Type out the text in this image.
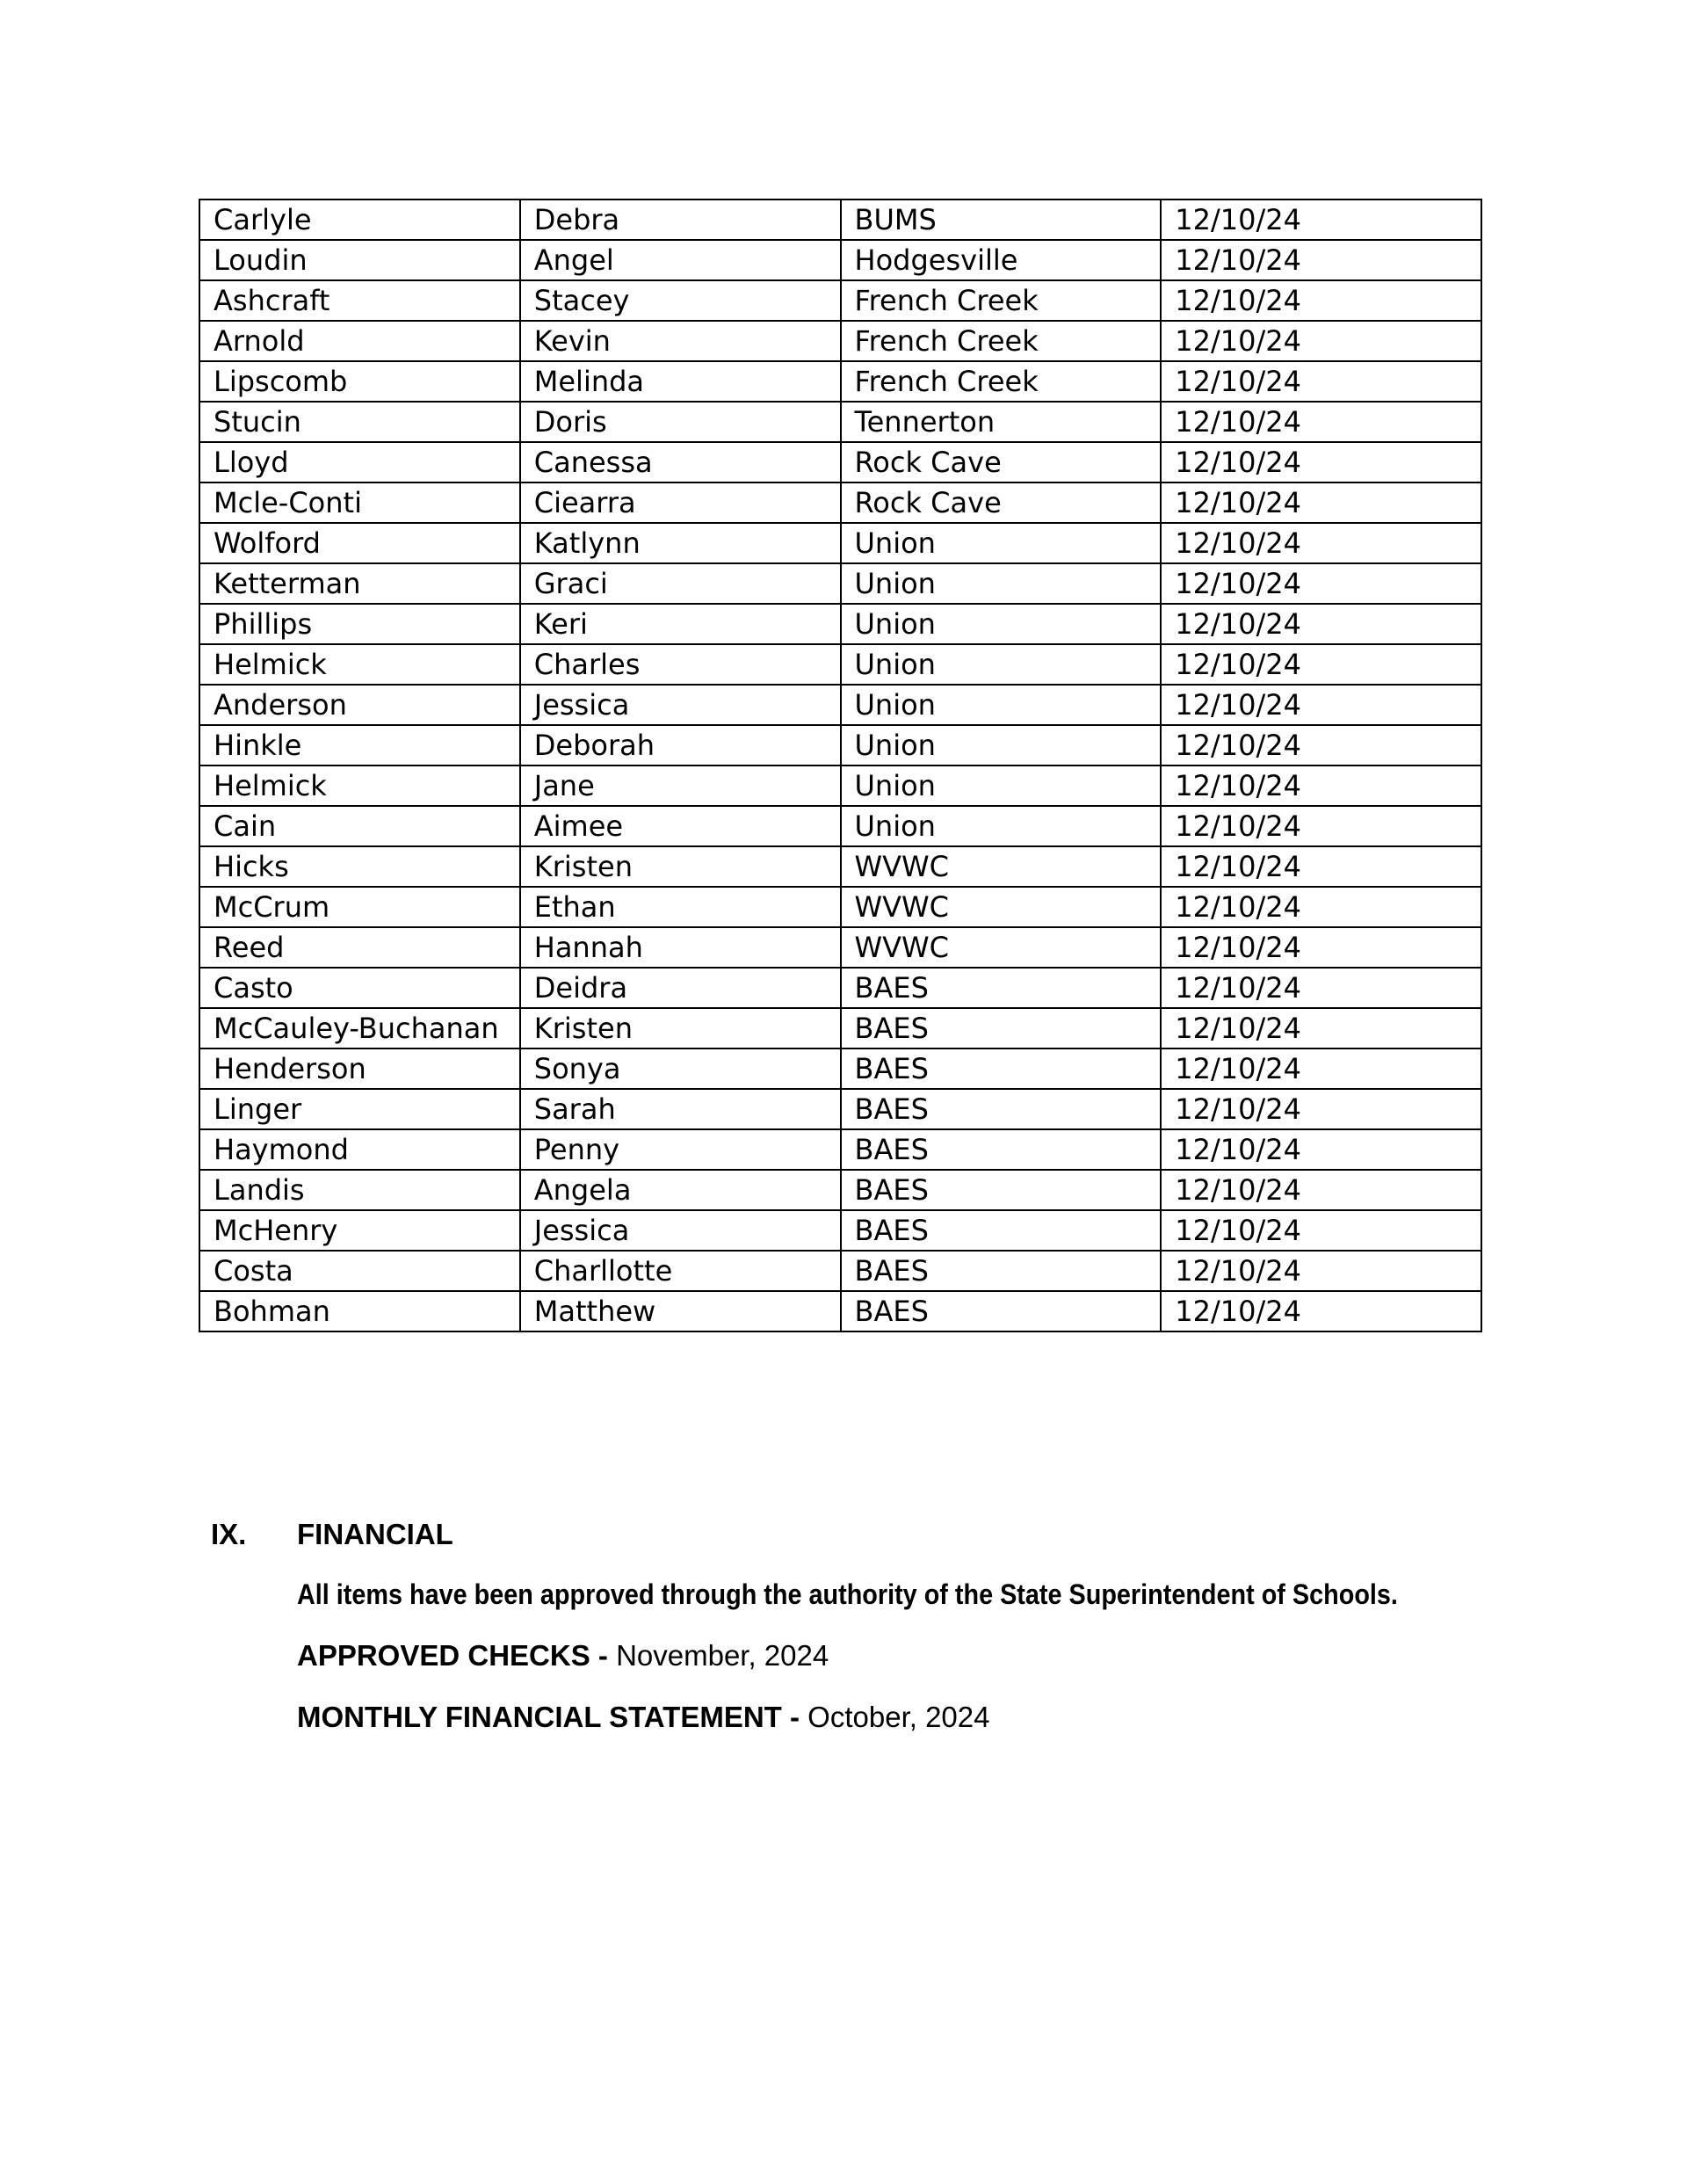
Carlyle	Debra	BUMS	12/10/24
Loudin	Angel	Hodgesville	12/10/24
Ashcraft	Stacey	French Creek	12/10/24
Arnold	Kevin	French Creek	12/10/24
Lipscomb	Melinda	French Creek	12/10/24
Stucin	Doris	Tennerton	12/10/24
Lloyd	Canessa	Rock Cave	12/10/24
Mcle-Conti	Ciearra	Rock Cave	12/10/24
Wolford	Katlynn	Union	12/10/24
Ketterman	Graci	Union	12/10/24
Phillips	Keri	Union	12/10/24
Helmick	Charles	Union	12/10/24
Anderson	Jessica	Union	12/10/24
Hinkle	Deborah	Union	12/10/24
Helmick	Jane	Union	12/10/24
Cain	Aimee	Union	12/10/24
Hicks	Kristen	WVWC	12/10/24
McCrum	Ethan	WVWC	12/10/24
Reed	Hannah	WVWC	12/10/24
Casto	Deidra	BAES	12/10/24
McCauley-Buchanan	Kristen	BAES	12/10/24
Henderson	Sonya	BAES	12/10/24
Linger	Sarah	BAES	12/10/24
Haymond	Penny	BAES	12/10/24
Landis	Angela	BAES	12/10/24
McHenry	Jessica	BAES	12/10/24
Costa	Charllotte	BAES	12/10/24
Bohman	Matthew	BAES	12/10/24
IX.	FINANCIAL
All items have been approved through the authority of the State Superintendent of Schools.
APPROVED CHECKS - November, 2024
MONTHLY FINANCIAL STATEMENT - October, 2024
